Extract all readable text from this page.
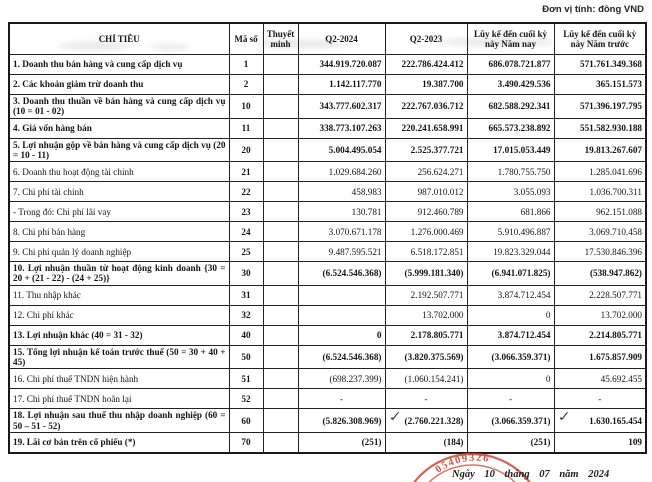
Đơn vị tính: đồng VND
CHỈ TIÊU	Mã số	Thuyết minh	Q2-2024	Q2-2023	Lũy kế đến cuối kỳ này Năm nay	Lũy kế đến cuối kỳ này Năm trước
1. Doanh thu bán hàng và cung cấp dịch vụ	1		344.919.720.087	222.786.424.412	686.078.721.877	571.761.349.368
2. Các khoản giảm trừ doanh thu	2		1.142.117.770	19.387.700	3.490.429.536	365.151.573
3. Doanh thu thuần về bán hàng và cung cấp dịch vụ (10 = 01 - 02)	10		343.777.602.317	222.767.036.712	682.588.292.341	571.396.197.795
4. Giá vốn hàng bán	11		338.773.107.263	220.241.658.991	665.573.238.892	551.582.930.188
5. Lợi nhuận gộp về bán hàng và cung cấp dịch vụ (20 = 10 - 11)	20		5.004.495.054	2.525.377.721	17.015.053.449	19.813.267.607
6. Doanh thu hoạt động tài chính	21		1.029.684.260	256.624.271	1.780.755.750	1.285.041.696
7. Chi phí tài chính	22		458.983	987.010.012	3.055.093	1.036.700.311
- Trong đó: Chi phí lãi vay	23		130.781	912.460.789	681.866	962.151.088
8. Chi phí bán hàng	24		3.070.671.178	1.276.000.469	5.910.496.887	3.069.710.458
9. Chi phí quản lý doanh nghiệp	25		9.487.595.521	6.518.172.851	19.823.329.044	17.530.846.396
10. Lợi nhuận thuần từ hoạt động kinh doanh {30 = 20 + (21 - 22) - (24 + 25)}	30		(6.524.546.368)	(5.999.181.340)	(6.941.071.825)	(538.947.862)
11. Thu nhập khác	31			2.192.507.771	3.874.712.454	2.228.507.771
12. Chi phí khác	32			13.702.000	0	13.702.000
13. Lợi nhuận khác (40 = 31 - 32)	40		0	2.178.805.771	3.874.712.454	2.214.805.771
15. Tổng lợi nhuận kế toán trước thuế (50 = 30 + 40 + 45)	50		(6.524.546.368)	(3.820.375.569)	(3.066.359.371)	1.675.857.909
16. Chi phí thuế TNDN hiện hành	51		(698.237.399)	(1.060.154.241)	0	45.692.455
17. Chi phí thuế TNDN hoãn lại	52		-	-	-	-
18. Lợi nhuận sau thuế thu nhập doanh nghiệp (60 = 50 – 51 - 52)	60		(5.826.308.969)	✓ (2.760.221.328)	(3.066.359.371)	✓ 1.630.165.454
19. Lãi cơ bản trên cổ phiếu (*)	70		(251)	(184)	(251)	109
05409326
Ngày 10 tháng 07 năm 2024
